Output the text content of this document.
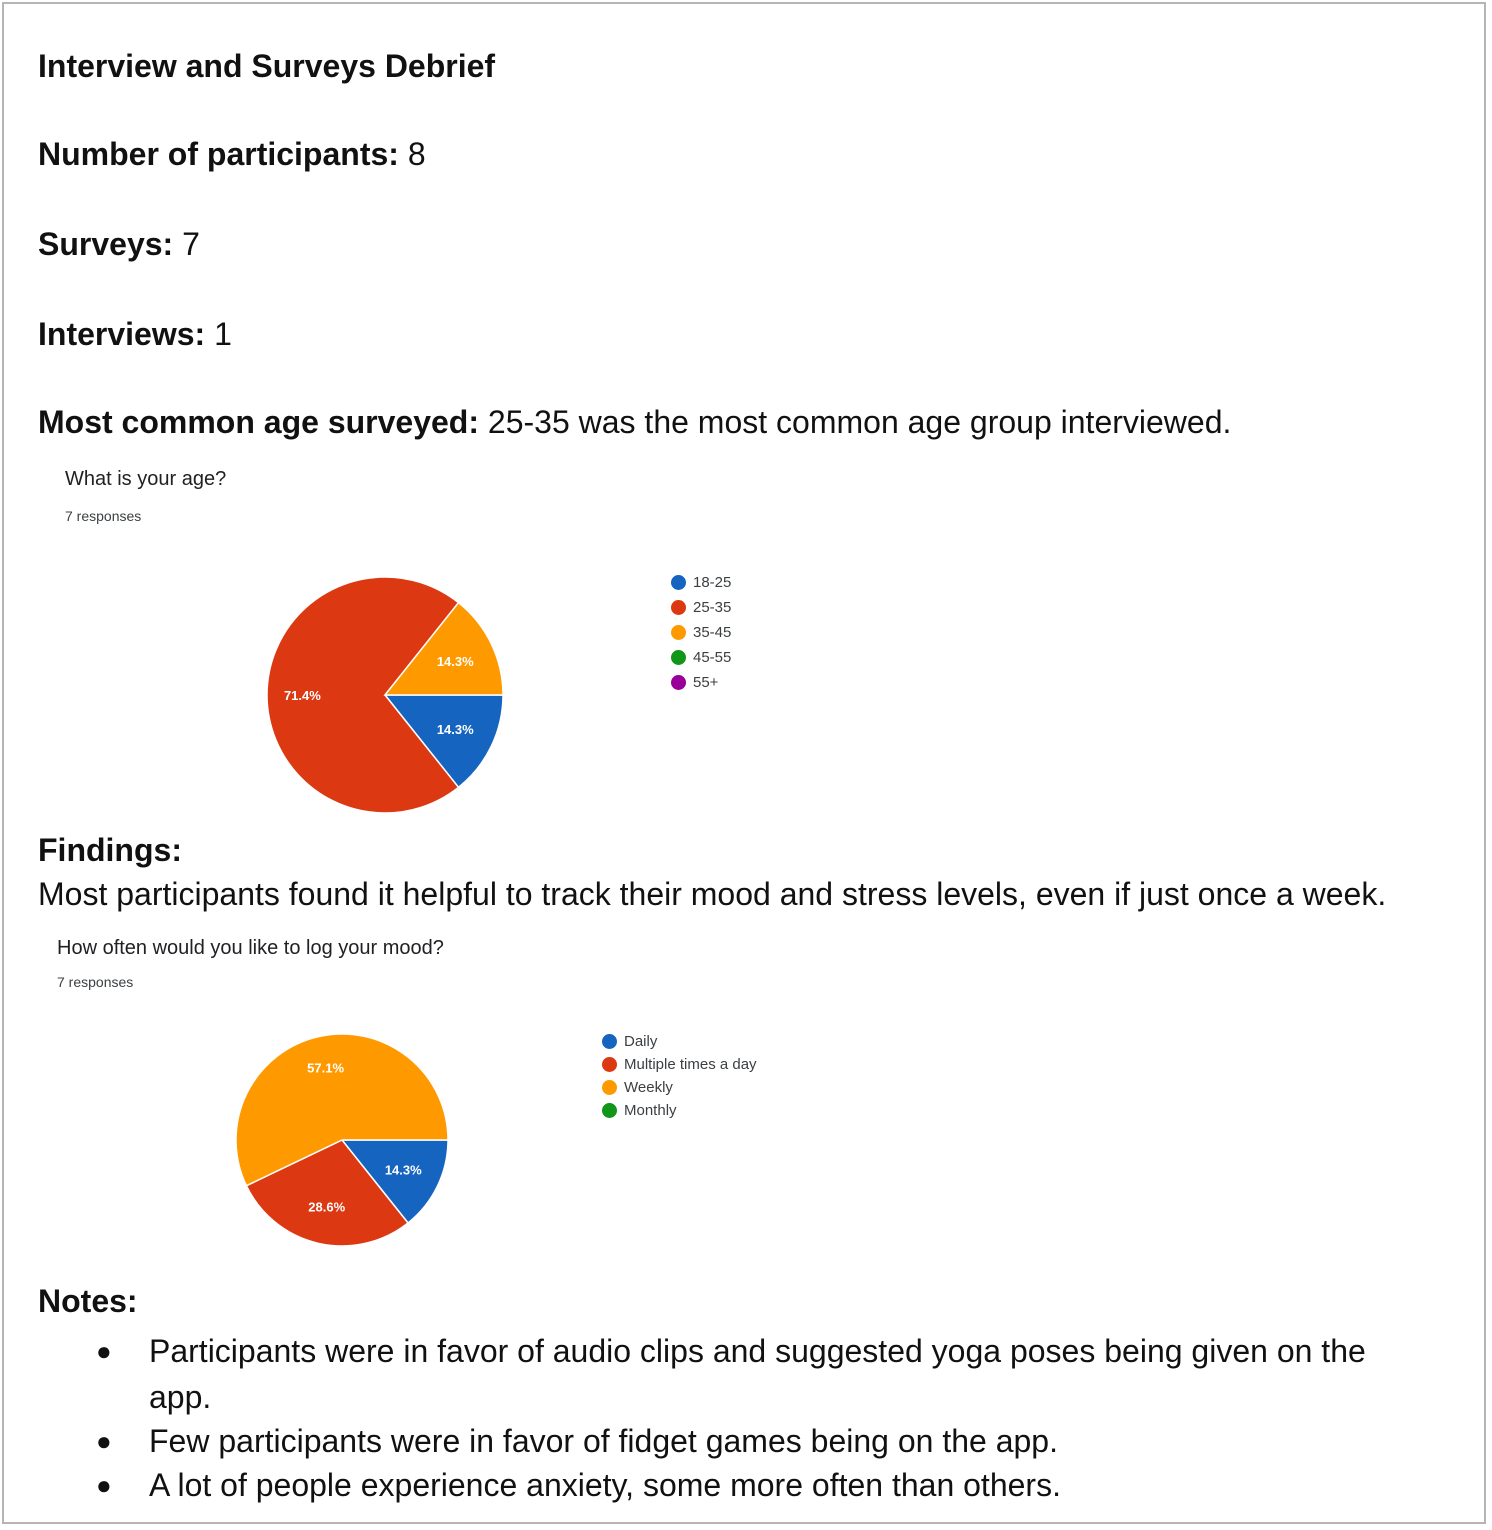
Interview and Surveys Debrief
Number of participants: 8
Surveys: 7
Interviews: 1
Most common age surveyed: 25-35 was the most common age group interviewed.
What is your age?
7 responses
14.3%
71.4%
14.3%
18-25
25-35
35-45
45-55
55+
Findings:
Most participants found it helpful to track their mood and stress levels, even if just once a week.
How often would you like to log your mood?
7 responses
14.3%
28.6%
57.1%
Daily
Multiple times a day
Weekly
Monthly
Notes:
● Participants were in favor of audio clips and suggested yoga poses being given on the
app.
● Few participants were in favor of fidget games being on the app.
● A lot of people experience anxiety, some more often than others.
